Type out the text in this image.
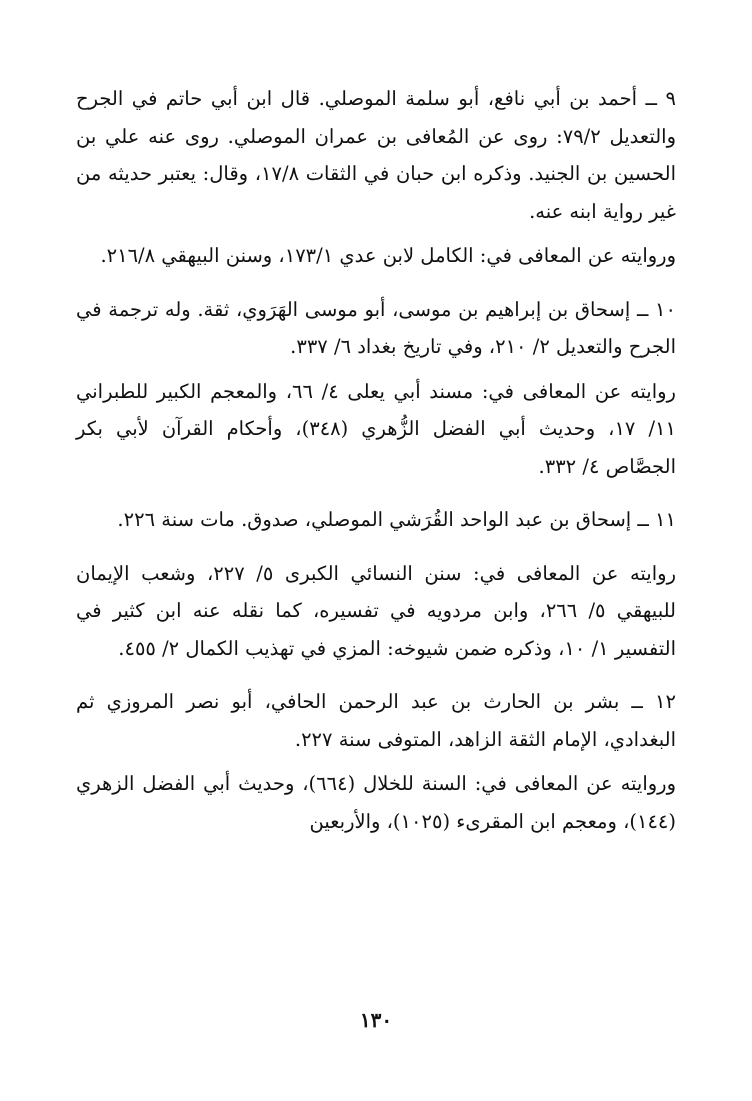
٩ ــ أحمد بن أبي نافع، أبو سلمة الموصلي. قال ابن أبي حاتم في الجرح والتعديل ٧٩/٢: روى عن المُعافى بن عمران الموصلي. روى عنه علي بن الحسين بن الجنيد. وذكره ابن حبان في الثقات ١٧/٨، وقال: يعتبر حديثه من غير رواية ابنه عنه.

وروايته عن المعافى في: الكامل لابن عدي ١٧٣/١، وسنن البيهقي ٢١٦/٨.

١٠ ــ إسحاق بن إبراهيم بن موسى، أبو موسى الهَرَوي، ثقة. وله ترجمة في الجرح والتعديل ٢/ ٢١٠، وفي تاريخ بغداد ٦/ ٣٣٧.

روايته عن المعافى في: مسند أبي يعلى ٤/ ٦٦، والمعجم الكبير للطبراني ١١/ ١٧، وحديث أبي الفضل الزُّهري (٣٤٨)، وأحكام القرآن لأبي بكر الجصَّاص ٤/ ٣٣٢.

١١ ــ إسحاق بن عبد الواحد القُرَشي الموصلي، صدوق. مات سنة ٢٢٦.

روايته عن المعافى في: سنن النسائي الكبرى ٥/ ٢٢٧، وشعب الإيمان للبيهقي ٥/ ٢٦٦، وابن مردويه في تفسيره، كما نقله عنه ابن كثير في التفسير ١/ ١٠، وذكره ضمن شيوخه: المزي في تهذيب الكمال ٢/ ٤٥٥.

١٢ ــ بشر بن الحارث بن عبد الرحمن الحافي، أبو نصر المروزي ثم البغدادي، الإمام الثقة الزاهد، المتوفى سنة ٢٢٧.

وروايته عن المعافى في: السنة للخلال (٦٦٤)، وحديث أبي الفضل الزهري (١٤٤)، ومعجم ابن المقرىء (١٠٢٥)، والأربعين

١٣٠
